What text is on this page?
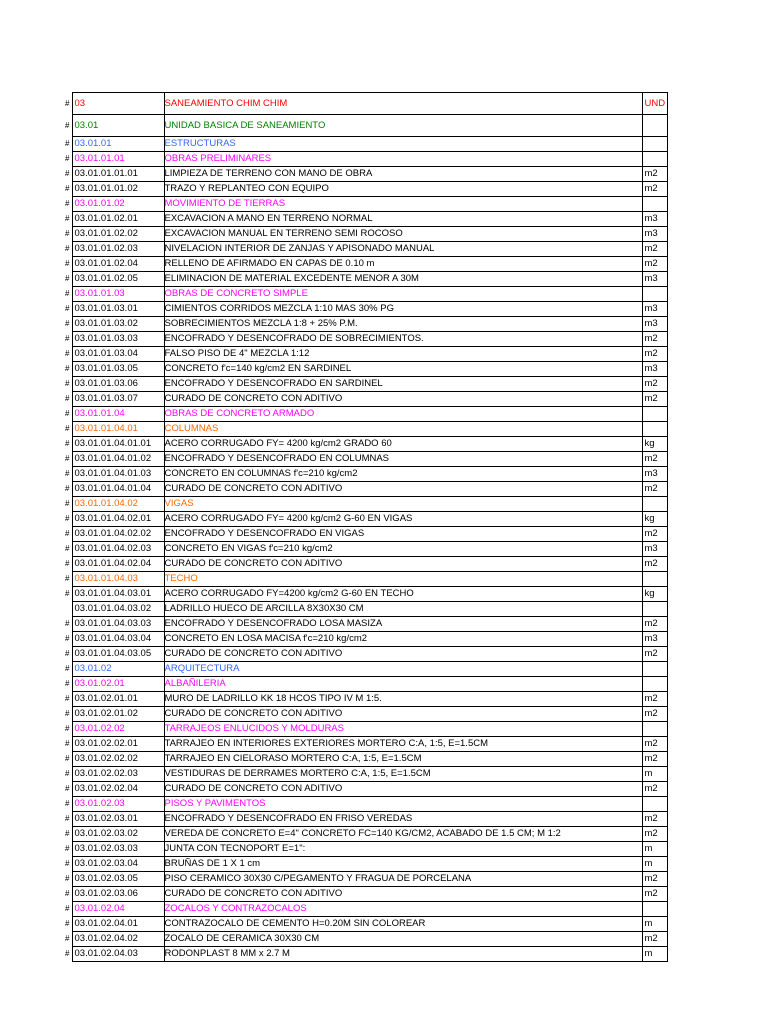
#	03	SANEAMIENTO CHIM CHIM	UND
#	03.01	UNIDAD BASICA DE SANEAMIENTO	
#	03.01.01	ESTRUCTURAS	
#	03.01.01.01	OBRAS PRELIMINARES	
#	03.01.01.01.01	LIMPIEZA DE TERRENO CON MANO DE OBRA	m2
#	03.01.01.01.02	TRAZO Y REPLANTEO CON EQUIPO	m2
#	03.01.01.02	MOVIMIENTO DE TIERRAS	
#	03.01.01.02.01	EXCAVACION A MANO EN TERRENO NORMAL	m3
#	03.01.01.02.02	EXCAVACION MANUAL EN TERRENO SEMI ROCOSO	m3
#	03.01.01.02.03	NIVELACION INTERIOR DE ZANJAS Y APISONADO MANUAL	m2
#	03.01.01.02.04	RELLENO DE AFIRMADO EN CAPAS DE 0.10 m	m2
#	03.01.01.02.05	ELIMINACION DE MATERIAL EXCEDENTE MENOR A 30M	m3
#	03.01.01.03	OBRAS DE CONCRETO SIMPLE	
#	03.01.01.03.01	CIMIENTOS CORRIDOS MEZCLA 1:10 MAS 30% PG	m3
#	03.01.01.03.02	SOBRECIMIENTOS MEZCLA 1:8 + 25% P.M.	m3
#	03.01.01.03.03	ENCOFRADO Y DESENCOFRADO DE SOBRECIMIENTOS.	m2
#	03.01.01.03.04	FALSO PISO DE 4" MEZCLA 1:12	m2
#	03.01.01.03.05	CONCRETO f'c=140 kg/cm2 EN SARDINEL	m3
#	03.01.01.03.06	ENCOFRADO Y DESENCOFRADO EN SARDINEL	m2
#	03.01.01.03.07	CURADO DE CONCRETO CON ADITIVO	m2
#	03.01.01.04	OBRAS DE CONCRETO ARMADO	
#	03.01.01.04.01	COLUMNAS	
#	03.01.01.04.01.01	ACERO CORRUGADO FY= 4200 kg/cm2 GRADO 60	kg
#	03.01.01.04.01.02	ENCOFRADO Y DESENCOFRADO EN COLUMNAS	m2
#	03.01.01.04.01.03	CONCRETO EN COLUMNAS f'c=210 kg/cm2	m3
#	03.01.01.04.01.04	CURADO DE CONCRETO CON ADITIVO	m2
#	03.01.01.04.02	VIGAS	
#	03.01.01.04.02.01	ACERO CORRUGADO FY= 4200 kg/cm2 G-60 EN VIGAS	kg
#	03.01.01.04.02.02	ENCOFRADO Y DESENCOFRADO EN VIGAS	m2
#	03.01.01.04.02.03	CONCRETO EN VIGAS f'c=210 kg/cm2	m3
#	03.01.01.04.02.04	CURADO DE CONCRETO CON ADITIVO	m2
#	03.01.01.04.03	TECHO	
#	03.01.01.04.03.01	ACERO CORRUGADO FY=4200 kg/cm2 G-60 EN TECHO	kg
	03.01.01.04.03.02	LADRILLO HUECO DE ARCILLA 8X30X30 CM	
#	03.01.01.04.03.03	ENCOFRADO Y DESENCOFRADO LOSA MASIZA	m2
#	03.01.01.04.03.04	CONCRETO EN LOSA MACISA f'c=210 kg/cm2	m3
#	03.01.01.04.03.05	CURADO DE CONCRETO CON ADITIVO	m2
#	03.01.02	ARQUITECTURA	
#	03.01.02.01	ALBAÑILERIA	
#	03.01.02.01.01	MURO DE LADRILLO KK 18 HCOS TIPO IV M 1:5.	m2
#	03.01.02.01.02	CURADO DE CONCRETO CON ADITIVO	m2
#	03.01.02.02	TARRAJEOS ENLUCIDOS Y MOLDURAS	
#	03.01.02.02.01	TARRAJEO EN INTERIORES EXTERIORES MORTERO C:A, 1:5, E=1.5CM	m2
#	03.01.02.02.02	TARRAJEO EN CIELORASO MORTERO C:A, 1:5, E=1.5CM	m2
#	03.01.02.02.03	VESTIDURAS DE DERRAMES MORTERO C:A, 1:5, E=1.5CM	m
#	03.01.02.02.04	CURADO DE CONCRETO CON ADITIVO	m2
#	03.01.02.03	PISOS Y PAVIMENTOS	
#	03.01.02.03.01	ENCOFRADO Y DESENCOFRADO EN FRISO VEREDAS	m2
#	03.01.02.03.02	VEREDA DE CONCRETO E=4" CONCRETO FC=140 KG/CM2, ACABADO DE 1.5 CM; M 1:2	m2
#	03.01.02.03.03	JUNTA CON TECNOPORT E=1":	m
#	03.01.02.03.04	BRUÑAS DE 1 X 1 cm	m
#	03.01.02.03.05	PISO CERAMICO 30X30 C/PEGAMENTO Y FRAGUA DE PORCELANA	m2
#	03.01.02.03.06	CURADO DE CONCRETO CON ADITIVO	m2
#	03.01.02.04	ZOCALOS Y CONTRAZOCALOS	
#	03.01.02.04.01	CONTRAZOCALO DE CEMENTO H=0.20M SIN COLOREAR	m
#	03.01.02.04.02	ZOCALO DE CERAMICA 30X30 CM	m2
#	03.01.02.04.03	RODONPLAST 8 MM x 2.7 M	m
